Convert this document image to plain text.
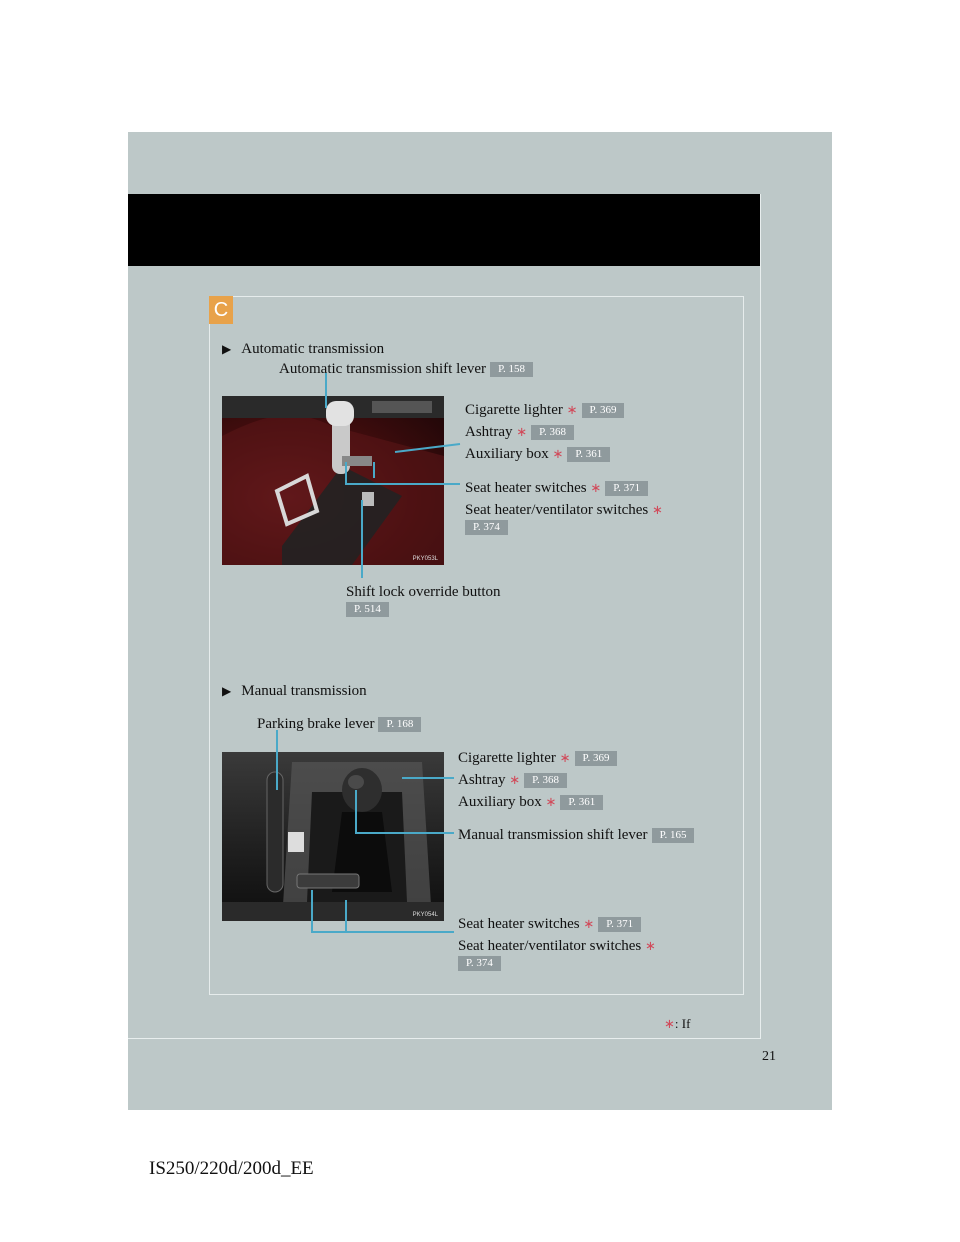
C
▶ Automatic transmission
Automatic transmission shift lever P. 158
PKY053L
Cigarette lighter ∗ P. 369
Ashtray ∗ P. 368
Auxiliary box ∗ P. 361
Seat heater switches ∗ P. 371
Seat heater/ventilator switches ∗
P. 374
Shift lock override button
P. 514
▶ Manual transmission
Parking brake lever P. 168
PKY054L
Cigarette lighter ∗ P. 369
Ashtray ∗ P. 368
Auxiliary box ∗ P. 361
Manual transmission shift lever P. 165
Seat heater switches ∗ P. 371
Seat heater/ventilator switches ∗
P. 374
∗: If
21
IS250/220d/200d_EE
